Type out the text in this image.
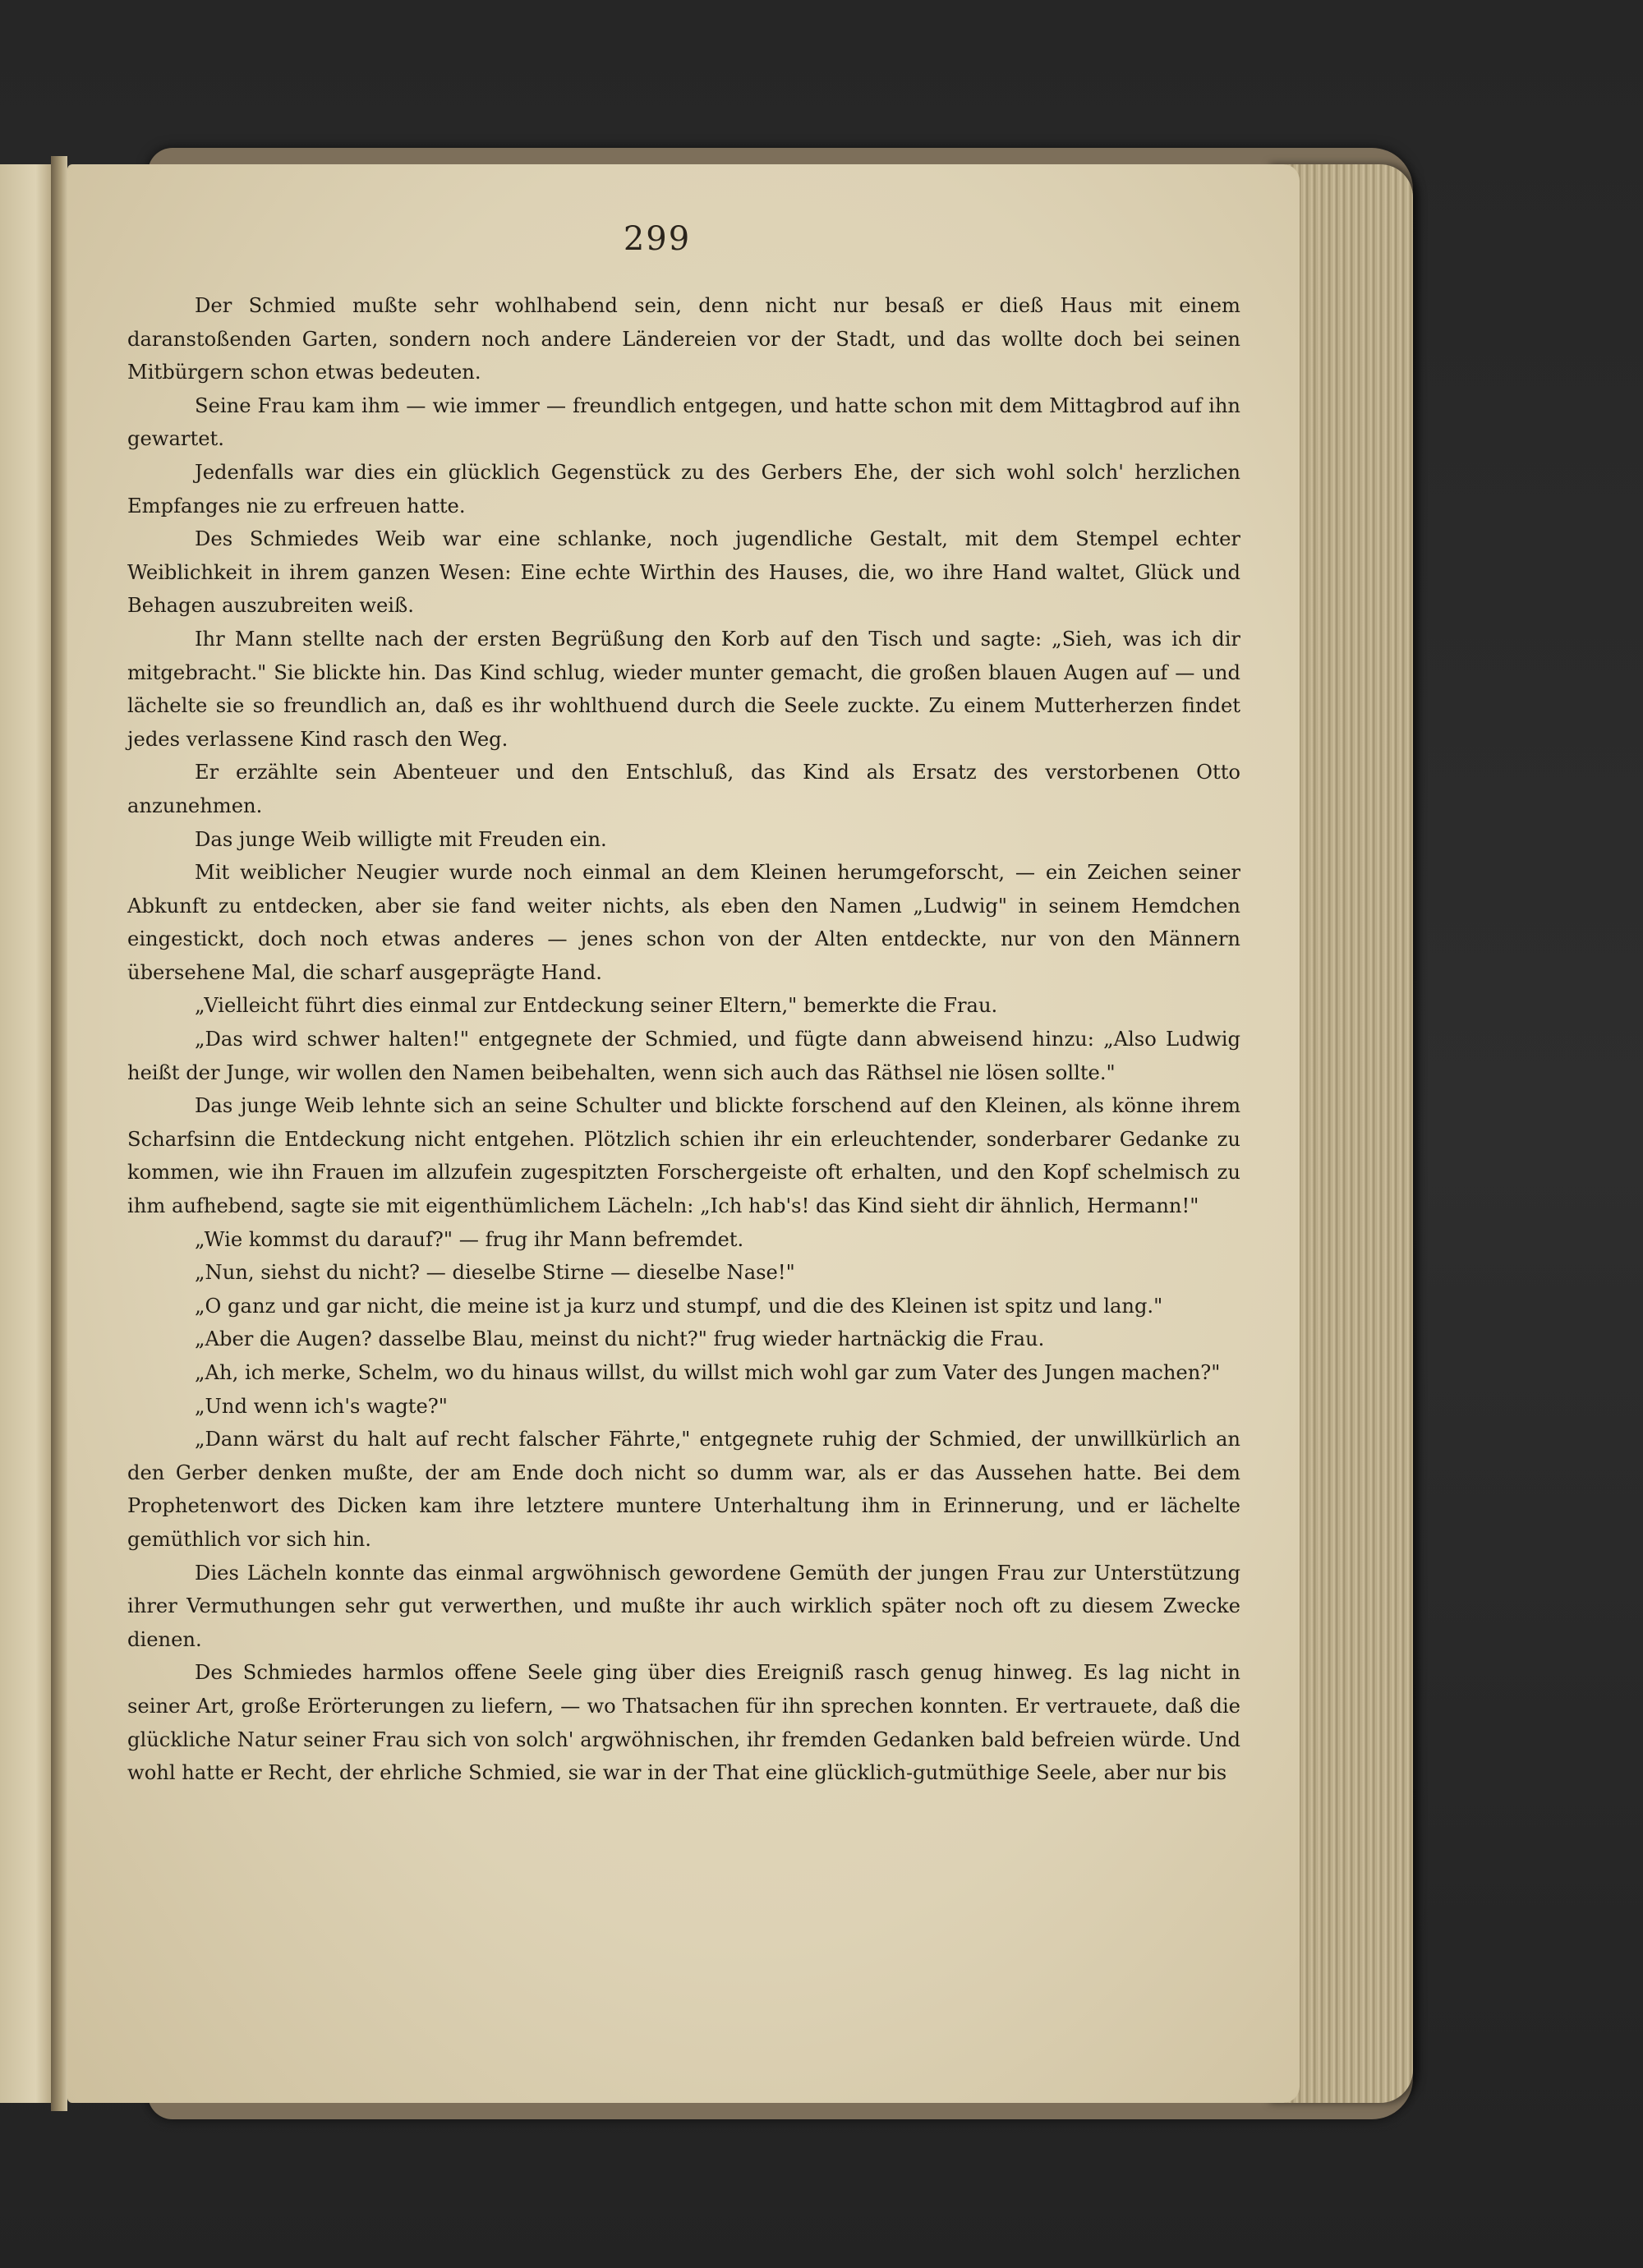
299

Der Schmied mußte sehr wohlhabend sein, denn nicht nur besaß er dieß Haus mit einem daranstoßenden Garten, sondern noch andere Ländereien vor der Stadt, und das wollte doch bei seinen Mitbürgern schon etwas bedeuten.

Seine Frau kam ihm — wie immer — freundlich entgegen, und hatte schon mit dem Mittagbrod auf ihn gewartet.

Jedenfalls war dies ein glücklich Gegenstück zu des Gerbers Ehe, der sich wohl solch' herzlichen Empfanges nie zu erfreuen hatte.

Des Schmiedes Weib war eine schlanke, noch jugendliche Gestalt, mit dem Stempel echter Weiblichkeit in ihrem ganzen Wesen: Eine echte Wirthin des Hauses, die, wo ihre Hand waltet, Glück und Behagen auszubreiten weiß.

Ihr Mann stellte nach der ersten Begrüßung den Korb auf den Tisch und sagte: „Sieh, was ich dir mitgebracht." Sie blickte hin. Das Kind schlug, wieder munter gemacht, die großen blauen Augen auf — und lächelte sie so freundlich an, daß es ihr wohlthuend durch die Seele zuckte. Zu einem Mutterherzen findet jedes verlassene Kind rasch den Weg.

Er erzählte sein Abenteuer und den Entschluß, das Kind als Ersatz des verstorbenen Otto anzunehmen.

Das junge Weib willigte mit Freuden ein.

Mit weiblicher Neugier wurde noch einmal an dem Kleinen herumgeforscht, — ein Zeichen seiner Abkunft zu entdecken, aber sie fand weiter nichts, als eben den Namen „Ludwig" in seinem Hemdchen eingestickt, doch noch etwas anderes — jenes schon von der Alten entdeckte, nur von den Männern übersehene Mal, die scharf ausgeprägte Hand.

„Vielleicht führt dies einmal zur Entdeckung seiner Eltern," bemerkte die Frau.

„Das wird schwer halten!" entgegnete der Schmied, und fügte dann abweisend hinzu: „Also Ludwig heißt der Junge, wir wollen den Namen beibehalten, wenn sich auch das Räthsel nie lösen sollte."

Das junge Weib lehnte sich an seine Schulter und blickte forschend auf den Kleinen, als könne ihrem Scharfsinn die Entdeckung nicht entgehen. Plötzlich schien ihr ein erleuchtender, sonderbarer Gedanke zu kommen, wie ihn Frauen im allzufein zugespitzten Forschergeiste oft erhalten, und den Kopf schelmisch zu ihm aufhebend, sagte sie mit eigenthümlichem Lächeln: „Ich hab's! das Kind sieht dir ähnlich, Hermann!"

„Wie kommst du darauf?" — frug ihr Mann befremdet.

„Nun, siehst du nicht? — dieselbe Stirne — dieselbe Nase!"

„O ganz und gar nicht, die meine ist ja kurz und stumpf, und die des Kleinen ist spitz und lang."

„Aber die Augen? dasselbe Blau, meinst du nicht?" frug wieder hartnäckig die Frau.

„Ah, ich merke, Schelm, wo du hinaus willst, du willst mich wohl gar zum Vater des Jungen machen?"

„Und wenn ich's wagte?"

„Dann wärst du halt auf recht falscher Fährte," entgegnete ruhig der Schmied, der unwillkürlich an den Gerber denken mußte, der am Ende doch nicht so dumm war, als er das Aussehen hatte. Bei dem Prophetenwort des Dicken kam ihre letztere muntere Unterhaltung ihm in Erinnerung, und er lächelte gemüthlich vor sich hin.

Dies Lächeln konnte das einmal argwöhnisch gewordene Gemüth der jungen Frau zur Unterstützung ihrer Vermuthungen sehr gut verwerthen, und mußte ihr auch wirklich später noch oft zu diesem Zwecke dienen.

Des Schmiedes harmlos offene Seele ging über dies Ereigniß rasch genug hinweg. Es lag nicht in seiner Art, große Erörterungen zu liefern, — wo Thatsachen für ihn sprechen konnten. Er vertrauete, daß die glückliche Natur seiner Frau sich von solch' argwöhnischen, ihr fremden Gedanken bald befreien würde. Und wohl hatte er Recht, der ehrliche Schmied, sie war in der That eine glücklich-gutmüthige Seele, aber nur bis
